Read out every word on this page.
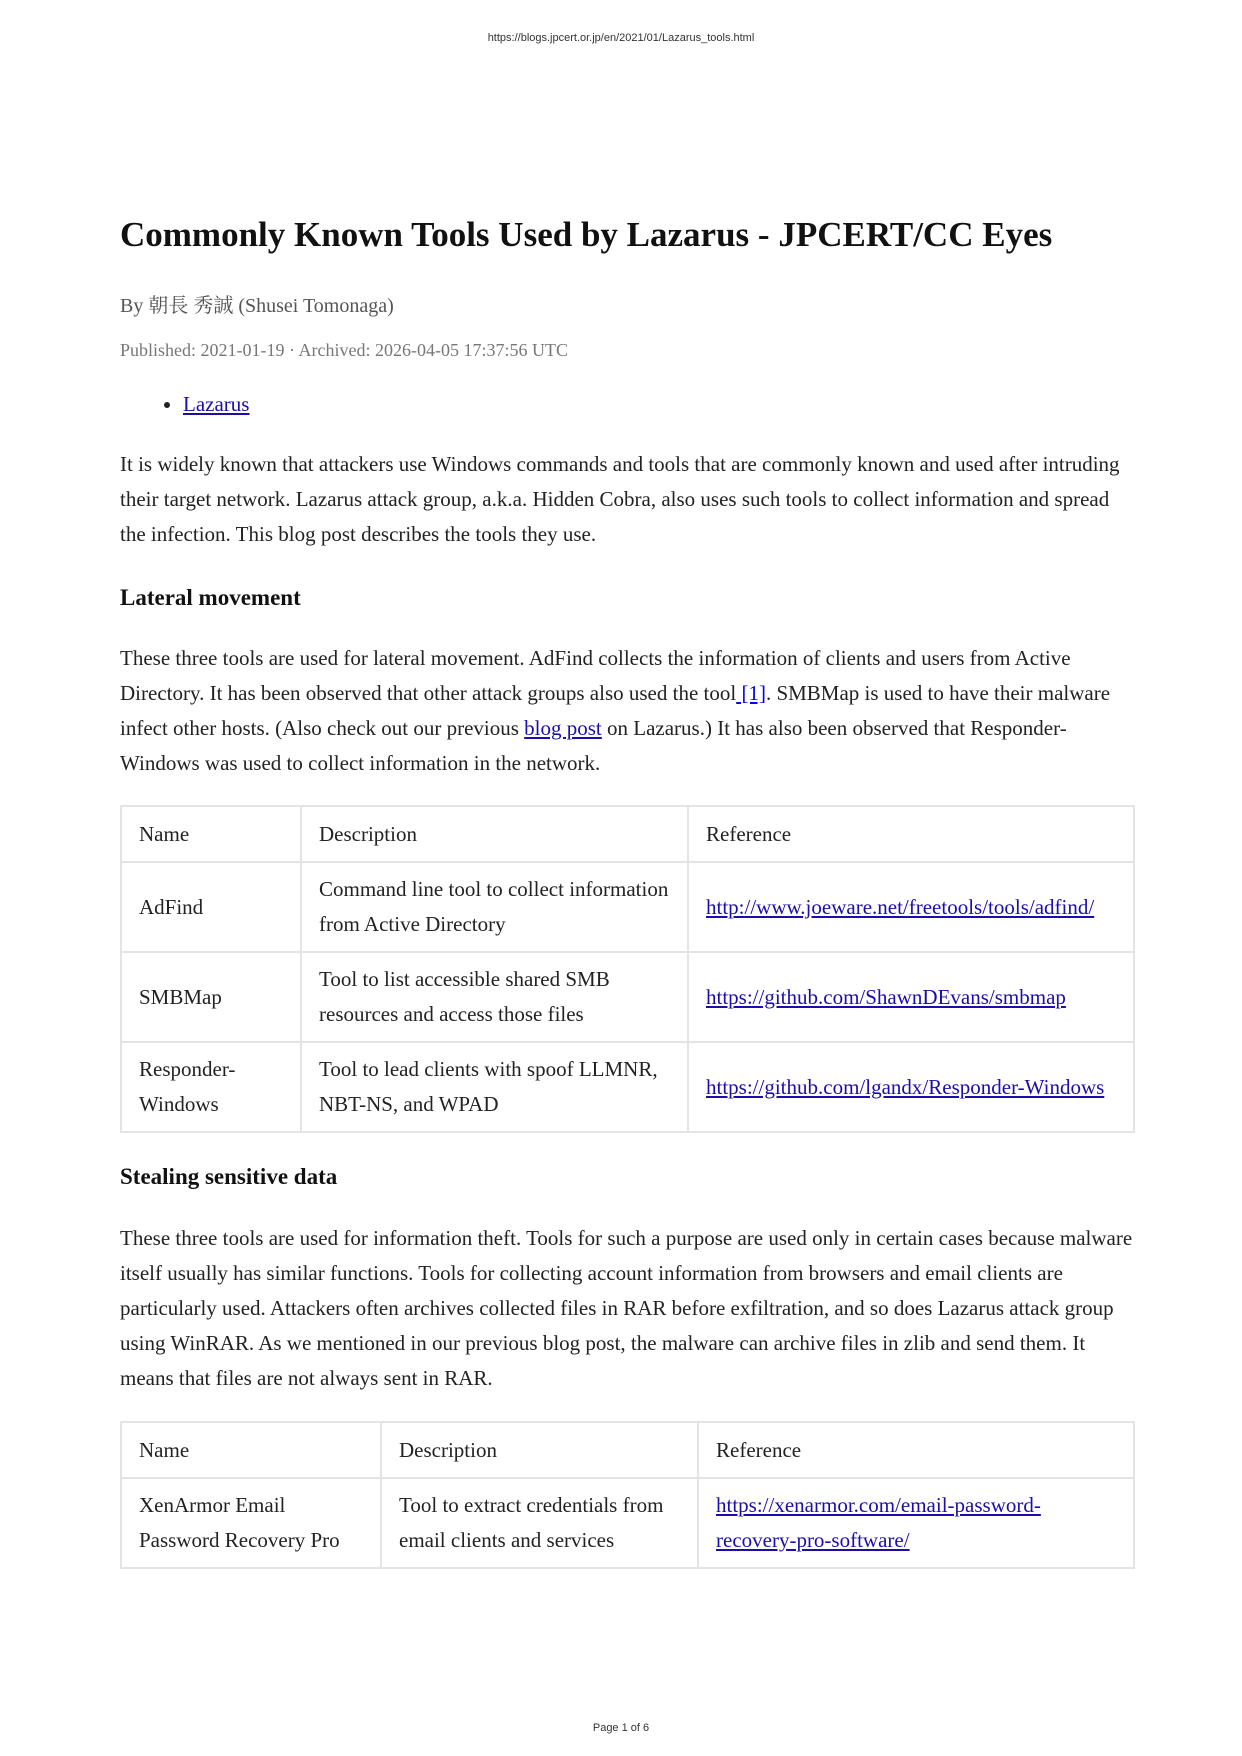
https://blogs.jpcert.or.jp/en/2021/01/Lazarus_tools.html
Commonly Known Tools Used by Lazarus - JPCERT/CC Eyes
By 朝長 秀誠 (Shusei Tomonaga)
Published: 2021-01-19 · Archived: 2026-04-05 17:37:56 UTC
• Lazarus

It is widely known that attackers use Windows commands and tools that are commonly known and used after intruding their target network. Lazarus attack group, a.k.a. Hidden Cobra, also uses such tools to collect information and spread the infection. This blog post describes the tools they use.

Lateral movement

These three tools are used for lateral movement. AdFind collects the information of clients and users from Active Directory. It has been observed that other attack groups also used the tool [1]. SMBMap is used to have their malware infect other hosts. (Also check out our previous blog post on Lazarus.) It has also been observed that Responder-Windows was used to collect information in the network.

Name	Description	Reference
AdFind	Command line tool to collect information from Active Directory	http://www.joeware.net/freetools/tools/adfind/
SMBMap	Tool to list accessible shared SMB resources and access those files	https://github.com/ShawnDEvans/smbmap
Responder-Windows	Tool to lead clients with spoof LLMNR, NBT-NS, and WPAD	https://github.com/lgandx/Responder-Windows
Stealing sensitive data

These three tools are used for information theft. Tools for such a purpose are used only in certain cases because malware itself usually has similar functions. Tools for collecting account information from browsers and email clients are particularly used. Attackers often archives collected files in RAR before exfiltration, and so does Lazarus attack group using WinRAR. As we mentioned in our previous blog post, the malware can archive files in zlib and send them. It means that files are not always sent in RAR.

Name	Description	Reference
XenArmor Email Password Recovery Pro	Tool to extract credentials from email clients and services	https://xenarmor.com/email-password-recovery-pro-software/
Page 1 of 6
